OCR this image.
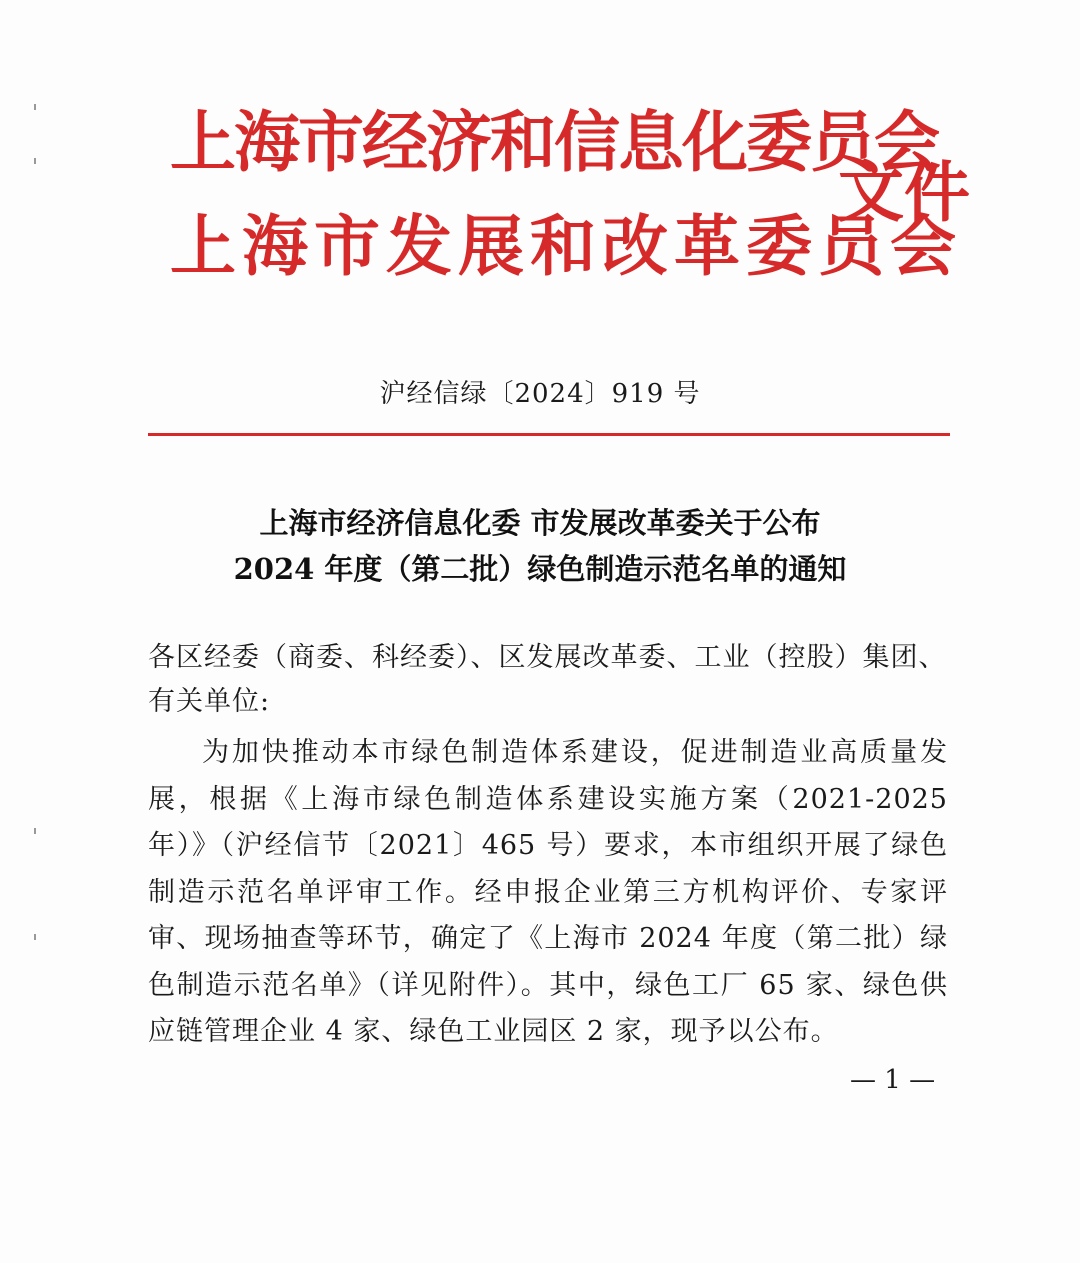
上海市经济和信息化委员会
上海市发展和改革委员会
文件
沪经信绿〔2024〕919 号
上海市经济信息化委 市发展改革委关于公布
2024 年度（第二批）绿色制造示范名单的通知
各区经委（商委、科经委）、区发展改革委、工业（控股）集团、有关单位:
为加快推动本市绿色制造体系建设，促进制造业高质量发展，根据《上海市绿色制造体系建设实施方案（2021-2025 年）》（沪经信节〔2021〕465 号）要求，本市组织开展了绿色制造示范名单评审工作。经申报企业第三方机构评价、专家评审、现场抽查等环节，确定了《上海市 2024 年度（第二批）绿色制造示范名单》（详见附件）。其中，绿色工厂 65 家、绿色供应链管理企业 4 家、绿色工业园区 2 家，现予以公布。
— 1 —
